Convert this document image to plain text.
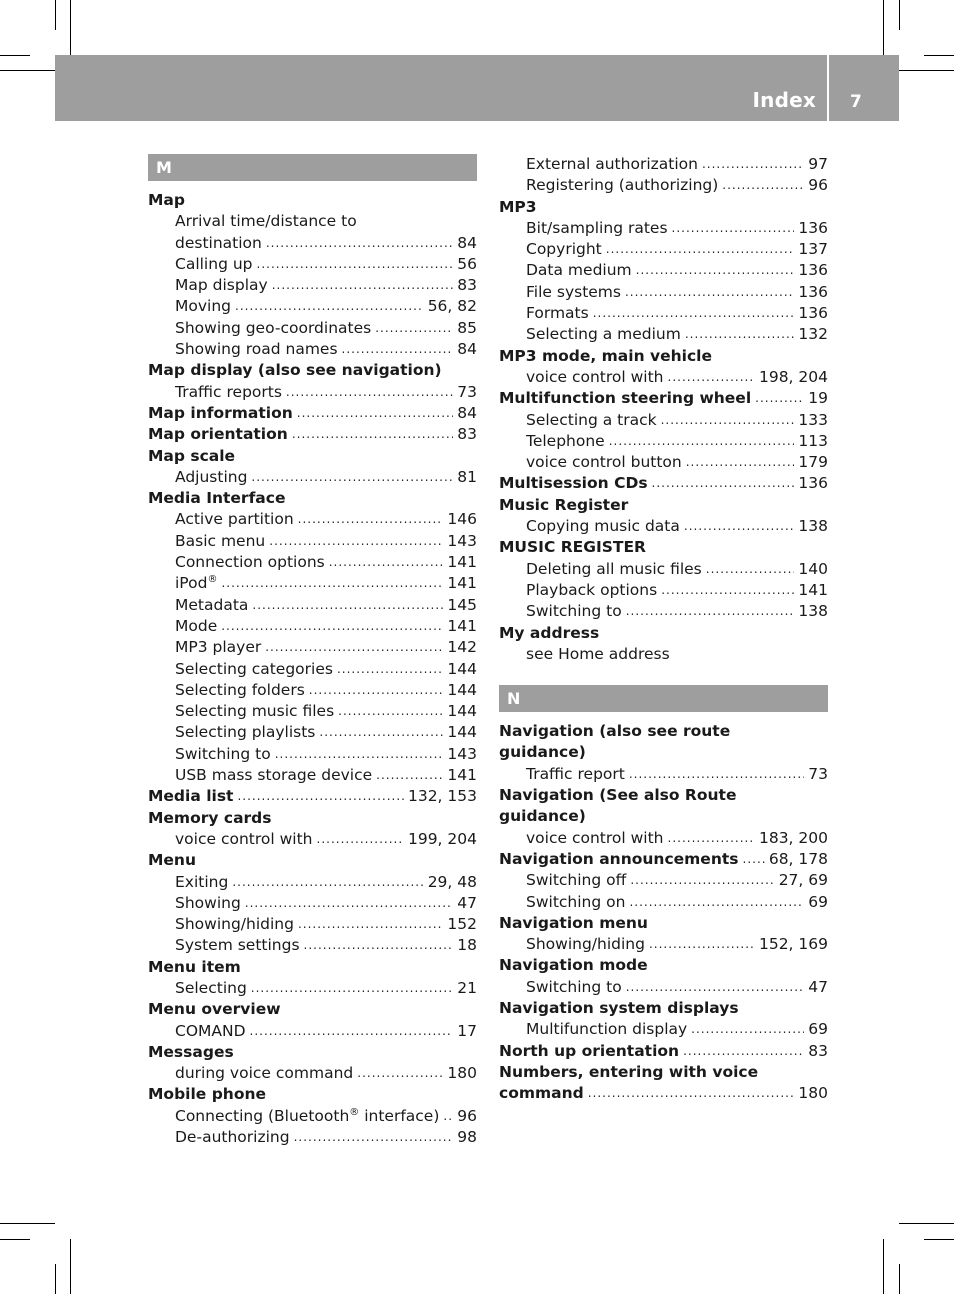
Index 7
M
Map
Arrival time/distance to
destination .....	84
Calling up .....	56
Map display .....	83
Moving .....	56, 82
Showing geo-coordinates .....	85
Showing road names .....	84
Map display (also see navigation)
Traffic reports .....	73
Map information .....	84
Map orientation .....	83
Map scale
Adjusting .....	81
Media Interface
Active partition .....	146
Basic menu .....	143
Connection options .....	141
iPod® .....	141
Metadata .....	145
Mode .....	141
MP3 player .....	142
Selecting categories .....	144
Selecting folders .....	144
Selecting music files .....	144
Selecting playlists .....	144
Switching to .....	143
USB mass storage device .....	141
Media list .....	132, 153
Memory cards
voice control with .....	199, 204
Menu
Exiting .....	29, 48
Showing .....	47
Showing/hiding .....	152
System settings .....	18
Menu item
Selecting .....	21
Menu overview
COMAND .....	17
Messages
during voice command .....	180
Mobile phone
Connecting (Bluetooth® interface) ..... 96
De-authorizing .....	98
External authorization .....	97
Registering (authorizing) .....	96
MP3
Bit/sampling rates .....	136
Copyright .....	137
Data medium .....	136
File systems .....	136
Formats .....	136
Selecting a medium .....	132
MP3 mode, main vehicle
voice control with .....	198, 204
Multifunction steering wheel .....	19
Selecting a track .....	133
Telephone .....	113
voice control button .....	179
Multisession CDs .....	136
Music Register
Copying music data .....	138
MUSIC REGISTER
Deleting all music files .....	140
Playback options .....	141
Switching to .....	138
My address
see Home address
N
Navigation (also see route
guidance)
Traffic report .....	73
Navigation (See also Route
guidance)
voice control with .....	183, 200
Navigation announcements ..... 68, 178
Switching off .....	27, 69
Switching on .....	69
Navigation menu
Showing/hiding .....	152, 169
Navigation mode
Switching to .....	47
Navigation system displays
Multifunction display .....	69
North up orientation .....	83
Numbers, entering with voice
command .....	180
